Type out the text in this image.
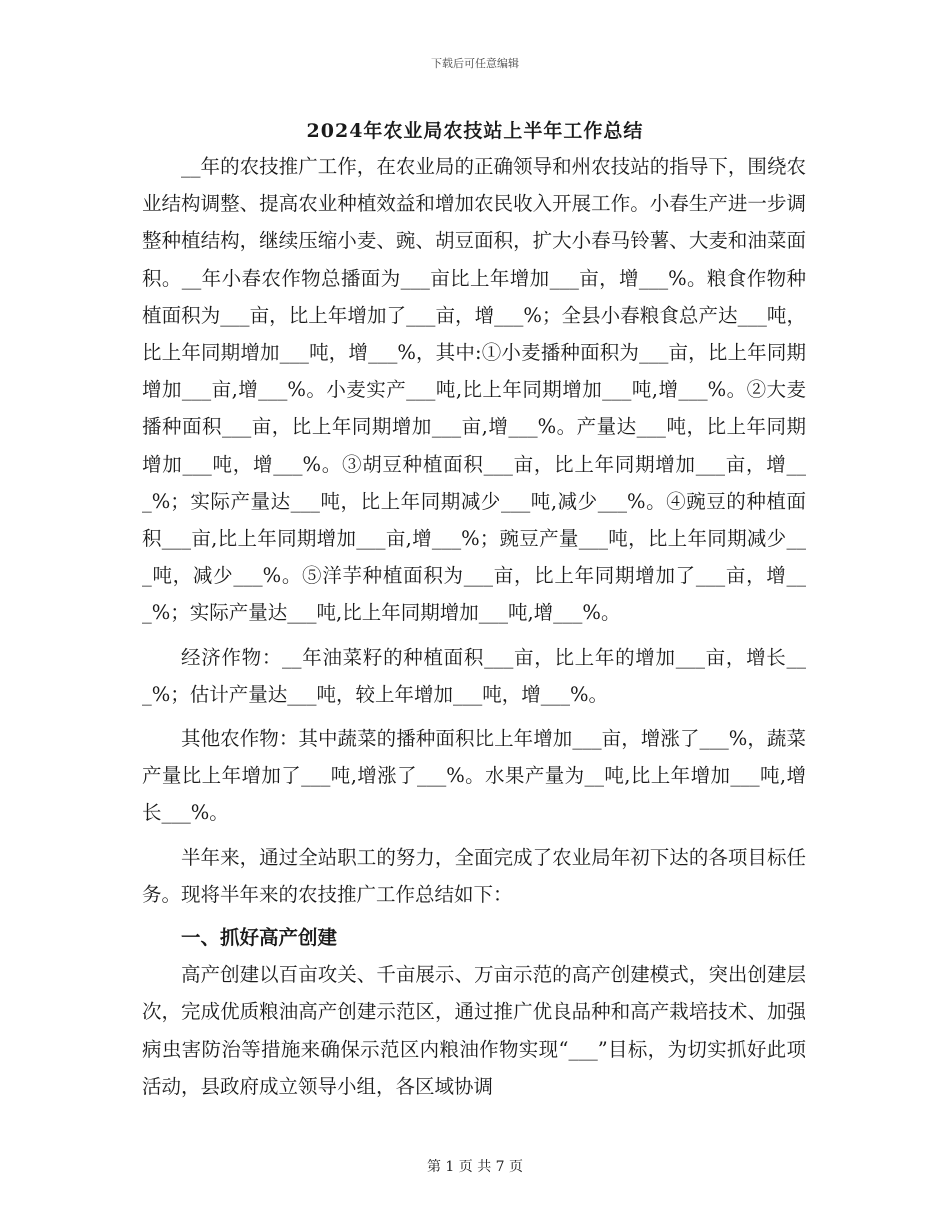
下载后可任意编辑
2024年农业局农技站上半年工作总结

__年的农技推广工作，在农业局的正确领导和州农技站的指导下，围绕农业结构调整、提高农业种植效益和增加农民收入开展工作。小春生产进一步调整种植结构，继续压缩小麦、豌、胡豆面积，扩大小春马铃薯、大麦和油菜面积。__年小春农作物总播面为___亩比上年增加___亩，增___%。粮食作物种植面积为___亩，比上年增加了___亩，增___%；全县小春粮食总产达___吨，比上年同期增加___吨，增___%，其中:①小麦播种面积为___亩，比上年同期增加___亩,增___%。小麦实产___吨,比上年同期增加___吨,增___%。②大麦播种面积___亩，比上年同期增加___亩,增___%。产量达___吨，比上年同期增加___吨，增___%。③胡豆种植面积___亩，比上年同期增加___亩，增___%；实际产量达___吨，比上年同期减少___吨,减少___%。④豌豆的种植面积___亩,比上年同期增加___亩,增___%；豌豆产量___吨，比上年同期减少___吨，减少___%。⑤洋芋种植面积为___亩，比上年同期增加了___亩，增___%；实际产量达___吨,比上年同期增加___吨,增___%。

经济作物：__年油菜籽的种植面积___亩，比上年的增加___亩，增长___%；估计产量达___吨，较上年增加___吨，增___%。

其他农作物：其中蔬菜的播种面积比上年增加___亩，增涨了___%，蔬菜产量比上年增加了___吨,增涨了___%。水果产量为__吨,比上年增加___吨,增长___%。

半年来，通过全站职工的努力，全面完成了农业局年初下达的各项目标任务。现将半年来的农技推广工作总结如下：

一、抓好高产创建

高产创建以百亩攻关、千亩展示、万亩示范的高产创建模式，突出创建层次，完成优质粮油高产创建示范区，通过推广优良品种和高产栽培技术、加强病虫害防治等措施来确保示范区内粮油作物实现“___”目标，为切实抓好此项活动，县政府成立领导小组，各区域协调

第 1 页 共 7 页
